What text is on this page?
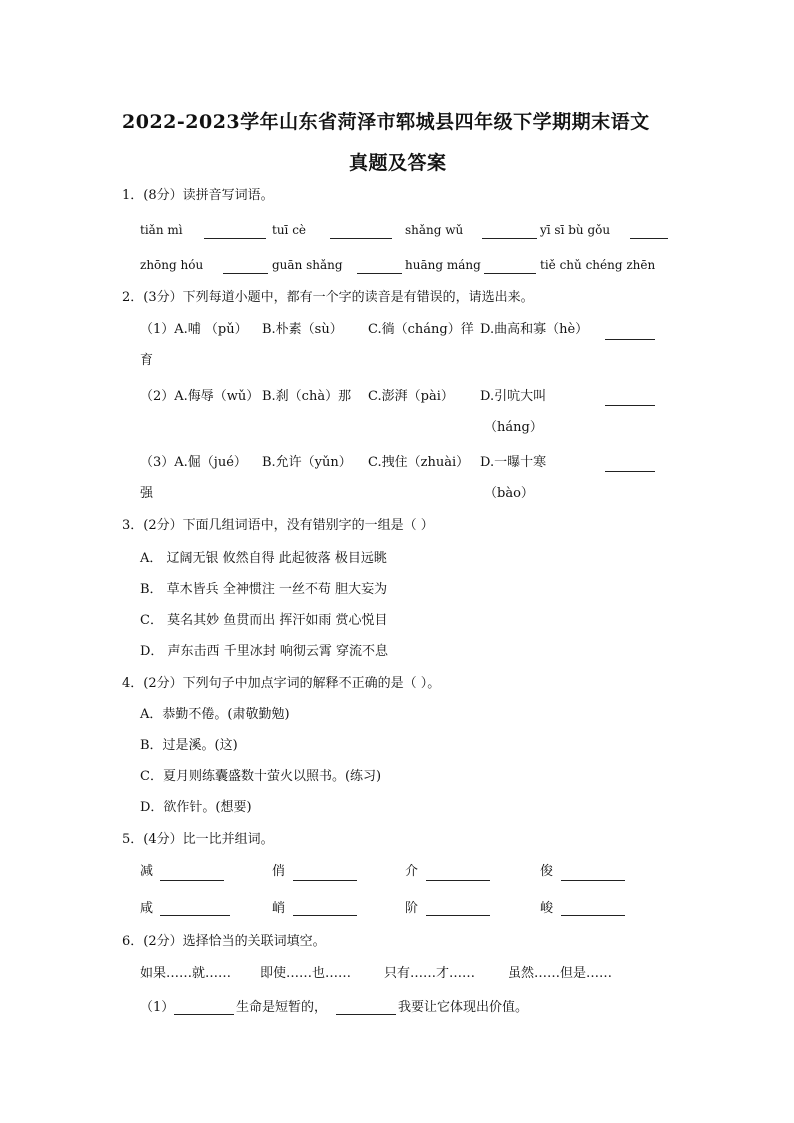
2022-2023学年山东省菏泽市郓城县四年级下学期期末语文
真题及答案
1．(8分）读拼音写词语。
tiǎn mì	tuī cè	shǎng wǔ	yī sī bù gǒu
zhōng hóu	guān shǎng	huāng máng	tiě chǔ chéng zhēn
2．(3分）下列每道小题中，都有一个字的读音是有错误的，请选出来。
（1）A.哺 （pǔ） B.朴素（sù） C.徜（cháng）徉 D.曲高和寡（hè）
育
（2）A.侮辱（wǔ） B.刹（chà）那 C.澎湃（pài） D.引吭大叫
（háng）
（3）A.倔（jué） B.允许（yǔn） C.拽住（zhuài） D.一曝十寒
强	（bào）
3．(2分）下面几组词语中，没有错别字的一组是（ ）
A． 辽阔无银 攸然自得 此起彼落 极目远眺
B． 草木皆兵 全神惯注 一丝不苟 胆大妄为
C． 莫名其妙 鱼贯而出 挥汗如雨 赏心悦目
D． 声东击西 千里冰封 响彻云霄 穿流不息
4．(2分）下列句子中加点字词的解释不正确的是（ ）。
A．恭勤不倦。(肃敬勤勉)
B．过是溪。(这)
C．夏月则练囊盛数十萤火以照书。(练习)
D．欲作针。(想要)
5．(4分）比一比并组词。
减	俏	介	俊
咸	峭	阶	峻
6．(2分）选择恰当的关联词填空。
如果……就…… 即使……也……	只有……才……	虽然……但是……
（1）	生命是短暂的，	我要让它体现出价值。
